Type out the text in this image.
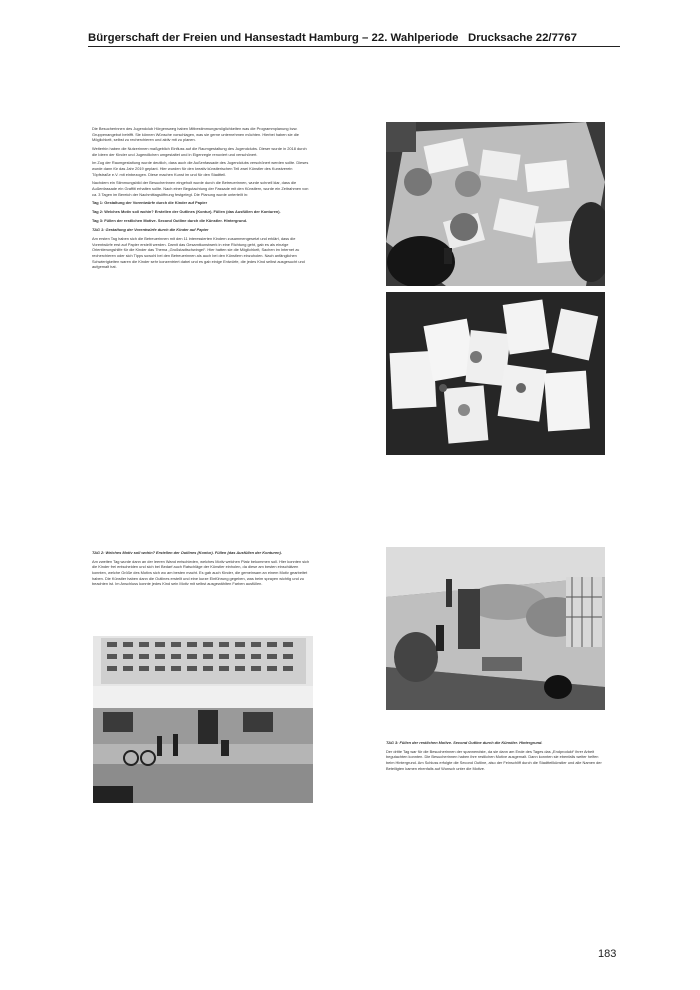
Bürgerschaft der Freien und Hansestadt Hamburg – 22. Wahlperiode Drucksache 22/7767

Die Besucherinnen des Jugendclub Hörgensweg haben Mitbestimmungsmöglichkeiten was die Programmplanung bzw. Gruppenangebot betrifft. Sie können Wünsche vorschlagen, was sie gerne unternehmen möchten. Hierbei haben sie die Möglichkeit, selbst zu recherchieren und aktiv mit zu planen.

Weiterhin haben die Nutzerinnen maßgeblich Einfluss auf die Raumgestaltung des Jugendclubs. Dieser wurde in 2018 durch die Ideen der Kinder und Jugendlichen umgestaltet und in Eigenregie renoviert und verschönert.

Im Zug der Raumgestaltung wurde deutlich, dass auch die Außenfassade des Jugendclubs verschönert werden sollte. Dieses wurde dann für das Jahr 2019 geplant. Hier wurden für den kreativ künstlerischen Teil zwei Künstler des Kunstverein Töpfstraße e.V. mit einbezogen. Diese machen Kunst im und für den Stadtteil.

Nachdem ein Stimmungsbild der Besucherinnen eingeholt wurde durch die Betreuerinnen, wurde schnell klar, dass die Außenfassade ein Graffiti erhalten sollte. Nach einer Begutachtung der Fassade mit den Künstlern, wurde ein Zeitrahmen von ca. 3 Tagen im Bereich der Nachmittagsöffnung festgelegt. Die Planung wurde unterteilt in:

Tag 1: Gestaltung der Vorentwürfe durch die Kinder auf Papier

Tag 2: Welches Motiv soll wohin? Erstellen der Outlines (Kontur). Füllen (das Ausfüllen der Konturen).

Tag 3: Füllen der restlichen Motive. Second Outline durch die Künstler. Hintergrund.

TAG 1: Gestaltung der Vorentwürfe durch die Kinder auf Papier

Am ersten Tag haben sich die Betreuerinnen mit den 11 interessierten Kindern zusammengesetzt und erklärt, dass die Vorentwürfe erst auf Papier erstellt werden. Damit das Gesamtkunstwerk in eine Richtung geht, gab es als einzige Orientierungshilfe für die Kinder das Thema „Großstadtschwingel“. Hier hatten sie die Möglichkeit, Sachen im Internet zu recherchieren oder sich Tipps sowohl bei den Betreuerinnen als auch bei den Künstlern einzuholen. Nach anfänglichen Schwierigkeiten waren die Kinder sehr konzentriert dabei und es gab einige Entwürfe, die jedes Kind selbst ausgesucht und aufgemalt hat.

TAG 2: Welches Motiv soll wohin? Erstellen der Outlines (Kontur). Füllen (das Ausfüllen der Konturen).

Am zweiten Tag wurde dann an der leeren Wand entschieden, welches Motiv welchen Platz bekommen soll. Hier konnten sich die Kinder frei entscheiden und sich bei Bedarf auch Ratschläge der Künstler einholen, da diese am besten einschätzen konnten, welche Größe des Motivs sich wo am besten macht. Es gab auch Kinder, die gemeinsam an einem Motiv gearbeitet haben. Die Künstler haben dann die Outlines erstellt und eine kurze Einführung gegeben, was beim sprayen wichtig und zu beachten ist. Im Anschluss konnte jedes Kind sein Motiv mit selbst ausgewählten Farben ausfüllen.

TAG 3: Füllen der restlichen Motive. Second Outline durch die Künstler. Hintergrund.

Der dritte Tag war für die Besucherinnen der spannendste, da sie dann am Ende des Tages das „Endprodukt“ ihrer Arbeit begutachten konnten. Die Besucherinnen haben ihre restlichen Motive ausgemalt. Dann konnten sie ebenfalls weiter helfen beim Hintergrund. Am Schluss erfolgte die Second Outline, also der Feinschliff durch die Stadtteilkünstler und alle Namen der Beteiligten kamen ebenfalls auf Wunsch unter die Motive.

183
